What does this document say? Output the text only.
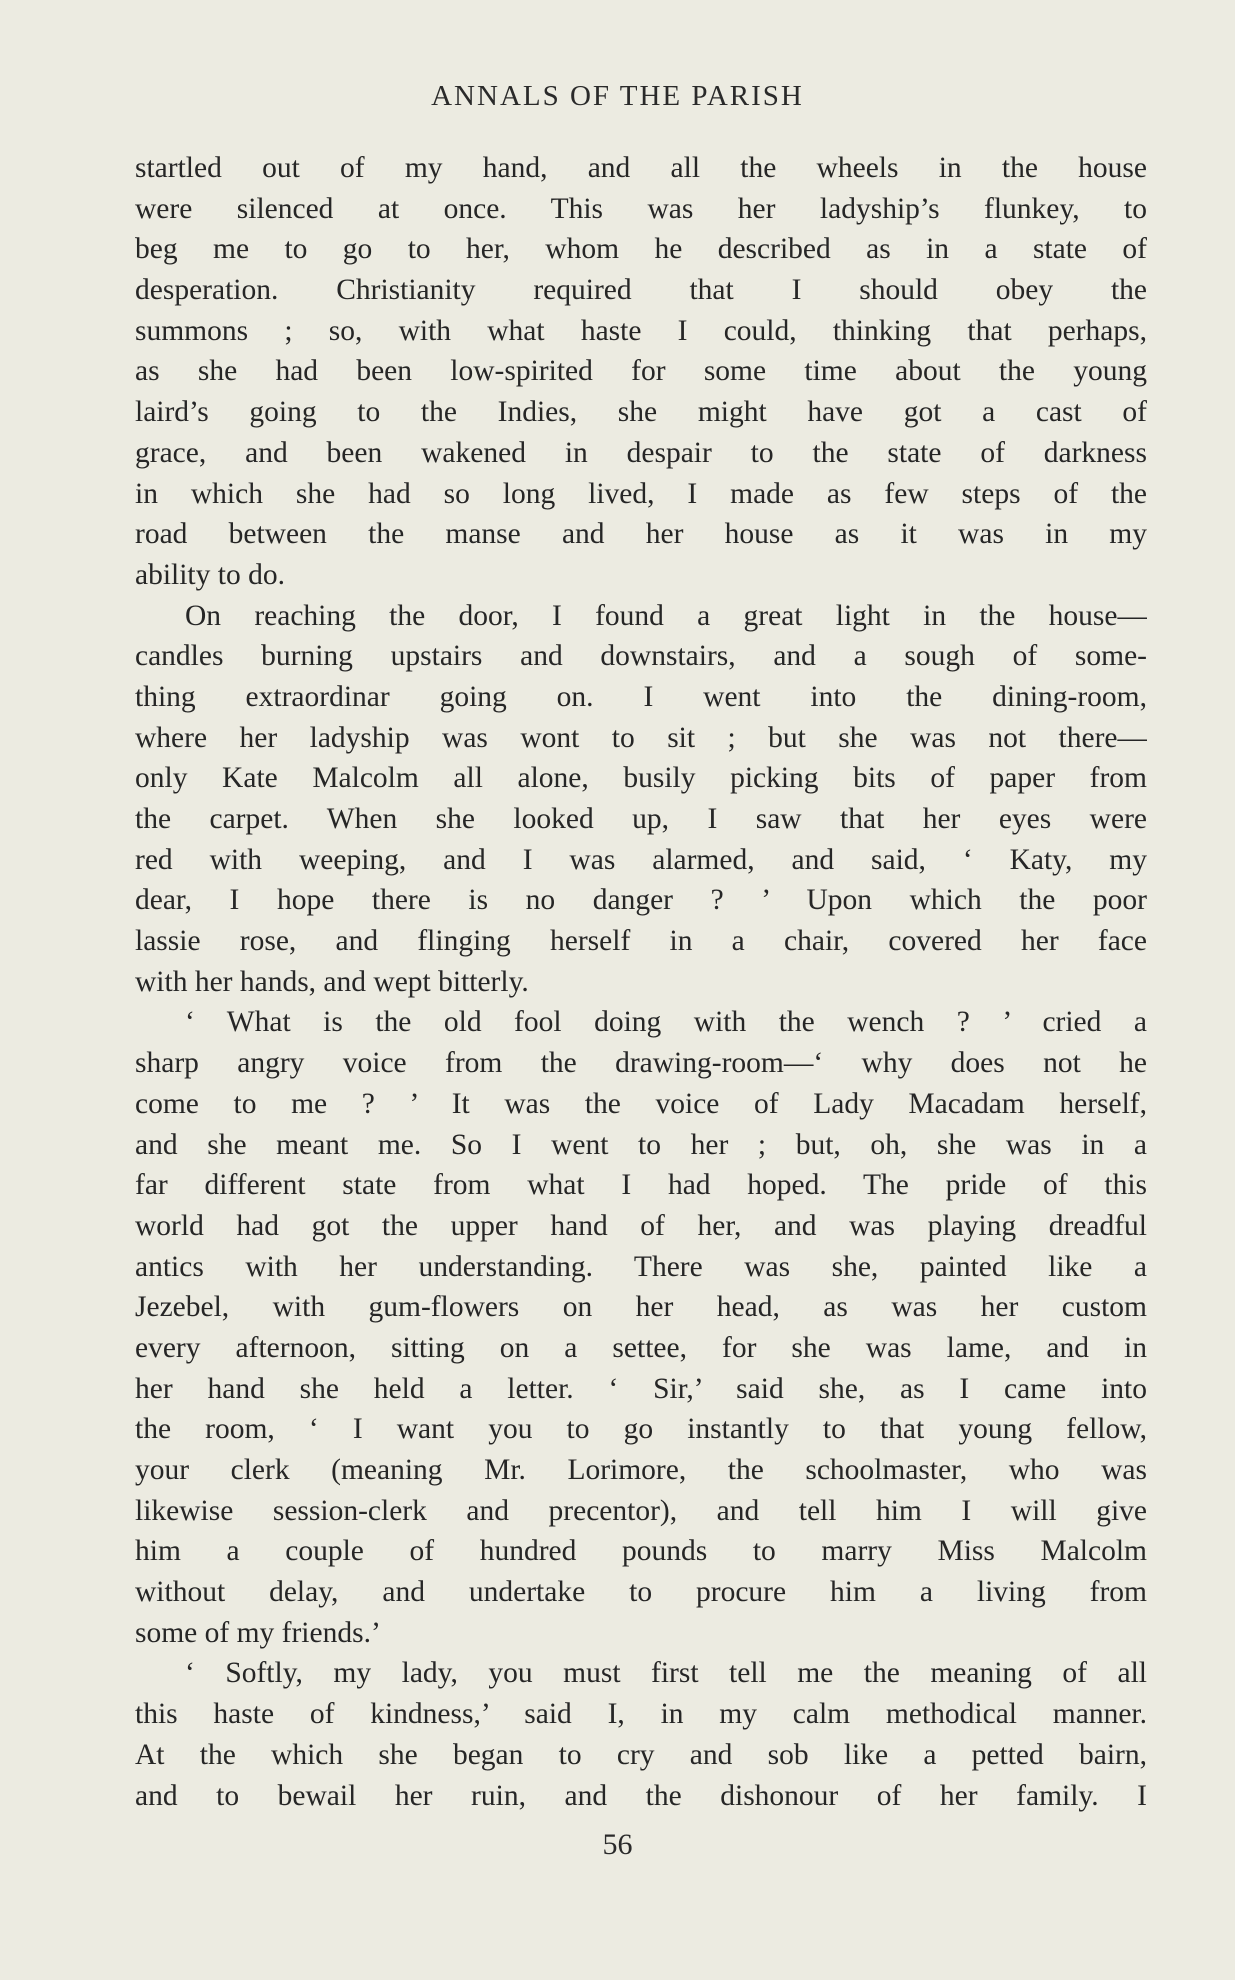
ANNALS OF THE PARISH
startled out of my hand, and all the wheels in the house
were silenced at once. This was her ladyship’s flunkey, to
beg me to go to her, whom he described as in a state of
desperation. Christianity required that I should obey the
summons ; so, with what haste I could, thinking that perhaps,
as she had been low-spirited for some time about the young
laird’s going to the Indies, she might have got a cast of
grace, and been wakened in despair to the state of darkness
in which she had so long lived, I made as few steps of the
road between the manse and her house as it was in my
ability to do.
On reaching the door, I found a great light in the house—
candles burning upstairs and downstairs, and a sough of some-
thing extraordinar going on. I went into the dining-room,
where her ladyship was wont to sit ; but she was not there—
only Kate Malcolm all alone, busily picking bits of paper from
the carpet. When she looked up, I saw that her eyes were
red with weeping, and I was alarmed, and said, ‘ Katy, my
dear, I hope there is no danger ? ’ Upon which the poor
lassie rose, and flinging herself in a chair, covered her face
with her hands, and wept bitterly.
‘ What is the old fool doing with the wench ? ’ cried a
sharp angry voice from the drawing-room—‘ why does not he
come to me ? ’ It was the voice of Lady Macadam herself,
and she meant me. So I went to her ; but, oh, she was in a
far different state from what I had hoped. The pride of this
world had got the upper hand of her, and was playing dreadful
antics with her understanding. There was she, painted like a
Jezebel, with gum-flowers on her head, as was her custom
every afternoon, sitting on a settee, for she was lame, and in
her hand she held a letter. ‘ Sir,’ said she, as I came into
the room, ‘ I want you to go instantly to that young fellow,
your clerk (meaning Mr. Lorimore, the schoolmaster, who was
likewise session-clerk and precentor), and tell him I will give
him a couple of hundred pounds to marry Miss Malcolm
without delay, and undertake to procure him a living from
some of my friends.’
‘ Softly, my lady, you must first tell me the meaning of all
this haste of kindness,’ said I, in my calm methodical manner.
At the which she began to cry and sob like a petted bairn,
and to bewail her ruin, and the dishonour of her family. I
56
